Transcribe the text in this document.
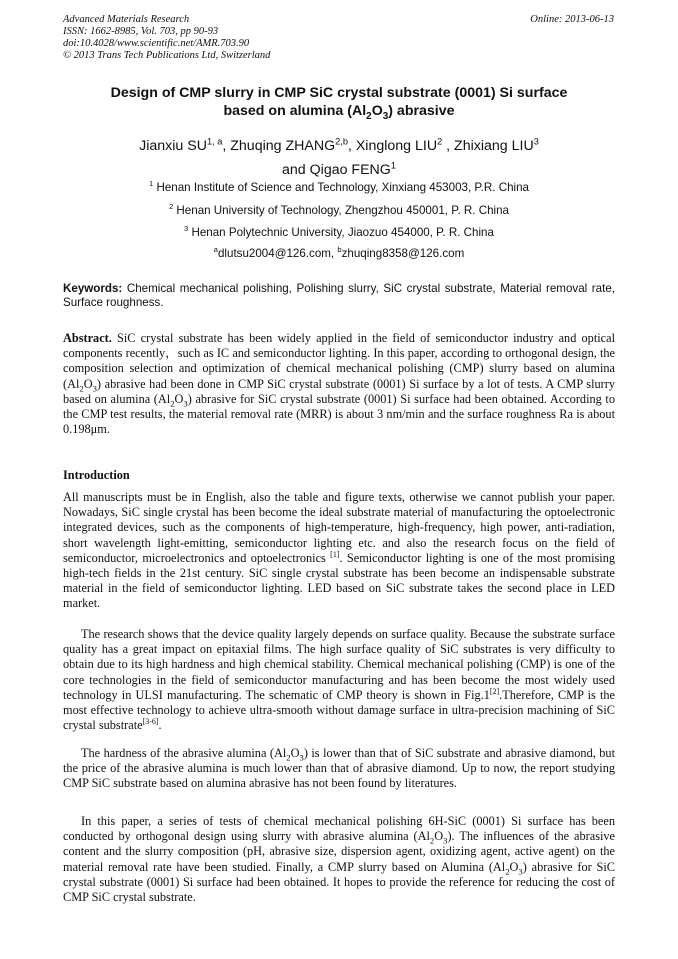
Advanced Materials Research
ISSN: 1662-8985, Vol. 703, pp 90-93
doi:10.4028/www.scientific.net/AMR.703.90
© 2013 Trans Tech Publications Ltd, Switzerland
Online: 2013-06-13
Design of CMP slurry in CMP SiC crystal substrate (0001) Si surface
based on alumina $(Al_2O_3)$ abrasive
Jianxiu SU$^{1, a}$, Zhuqing ZHANG$^{2,b}$, Xinglong LIU$^2$ , Zhixiang LIU$^3$
and Qigao FENG$^1$
$^1$ Henan Institute of Science and Technology, Xinxiang 453003, P.R. China
$^2$ Henan University of Technology, Zhengzhou 450001, P. R. China
$^3$ Henan Polytechnic University, Jiaozuo 454000, P. R. China
$^a$dlutsu2004@126.com, $^b$zhuqing8358@126.com
Keywords: Chemical mechanical polishing, Polishing slurry, SiC crystal substrate, Material removal rate, Surface roughness.
Abstract. SiC crystal substrate has been widely applied in the field of semiconductor industry and optical components recently，such as IC and semiconductor lighting. In this paper, according to orthogonal design, the composition selection and optimization of chemical mechanical polishing (CMP) slurry based on alumina $(Al_2O_3)$ abrasive had been done in CMP SiC crystal substrate (0001) Si surface by a lot of tests. A CMP slurry based on alumina $(Al_2O_3)$ abrasive for SiC crystal substrate (0001) Si surface had been obtained. According to the CMP test results, the material removal rate (MRR) is about 3 nm/min and the surface roughness Ra is about 0.198μm.
Introduction
All manuscripts must be in English, also the table and figure texts, otherwise we cannot publish your paper. Nowadays, SiC single crystal has been become the ideal substrate material of manufacturing the optoelectronic integrated devices, such as the components of high-temperature, high-frequency, high power, anti-radiation, short wavelength light-emitting, semiconductor lighting etc. and also the research focus on the field of semiconductor, microelectronics and optoelectronics [1]. Semiconductor lighting is one of the most promising high-tech fields in the 21st century. SiC single crystal substrate has been become an indispensable substrate material in the field of semiconductor lighting. LED based on SiC substrate takes the second place in LED market.
The research shows that the device quality largely depends on surface quality. Because the substrate surface quality has a great impact on epitaxial films. The high surface quality of SiC substrates is very difficulty to obtain due to its high hardness and high chemical stability. Chemical mechanical polishing (CMP) is one of the core technologies in the field of semiconductor manufacturing and has been become the most widely used technology in ULSI manufacturing. The schematic of CMP theory is shown in Fig.1[2].Therefore, CMP is the most effective technology to achieve ultra-smooth without damage surface in ultra-precision machining of SiC crystal substrate[3-6].
The hardness of the abrasive alumina $(Al_2O_3)$ is lower than that of SiC substrate and abrasive diamond, but the price of the abrasive alumina is much lower than that of abrasive diamond. Up to now, the report studying CMP SiC substrate based on alumina abrasive has not been found by literatures.
In this paper, a series of tests of chemical mechanical polishing 6H-SiC (0001) Si surface has been conducted by orthogonal design using slurry with abrasive alumina $(Al_2O_3)$. The influences of the abrasive content and the slurry composition (pH, abrasive size, dispersion agent, oxidizing agent, active agent) on the material removal rate have been studied. Finally, a CMP slurry based on Alumina $(Al_2O_3)$ abrasive for SiC crystal substrate (0001) Si surface had been obtained. It hopes to provide the reference for reducing the cost of CMP SiC crystal substrate.
